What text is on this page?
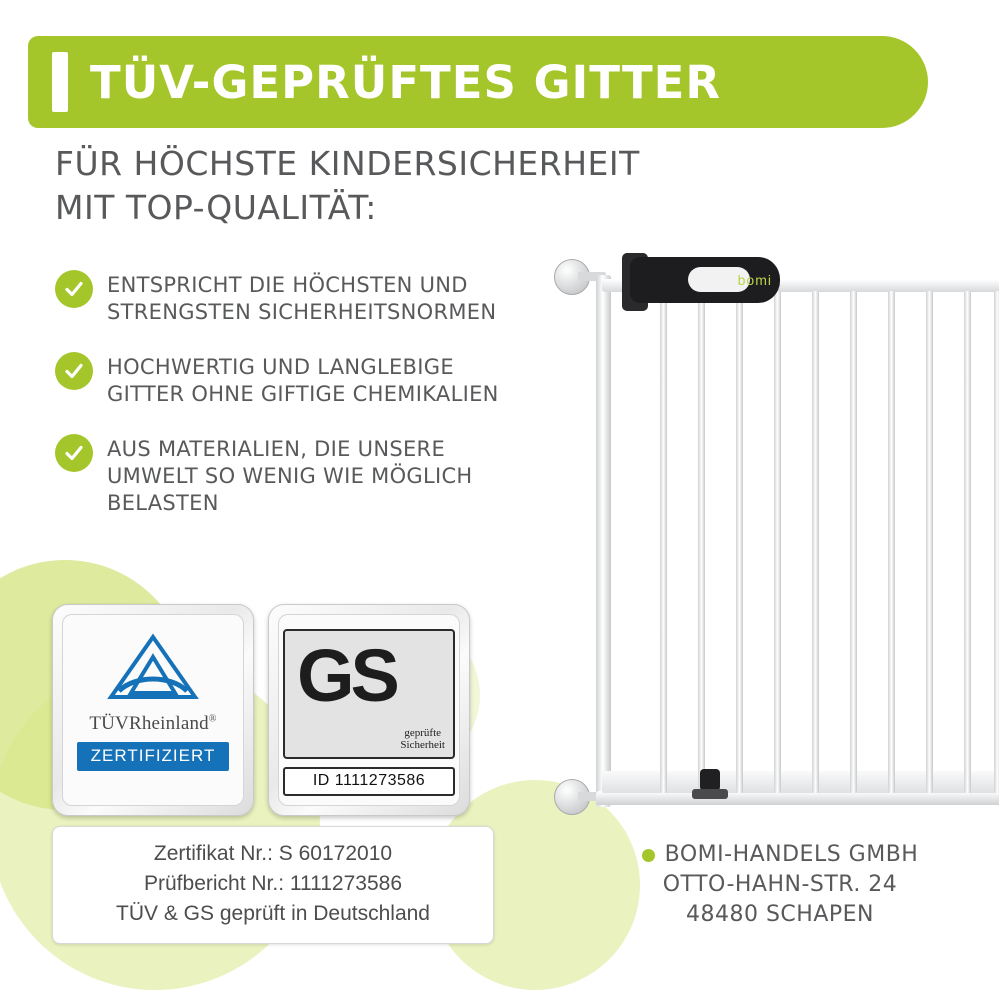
TÜV-GEPRÜFTES GITTER
FÜR HÖCHSTE KINDERSICHERHEIT
MIT TOP-QUALITÄT:
ENTSPRICHT DIE HÖCHSTEN UND STRENGSTEN SICHERHEITSNORMEN
HOCHWERTIG UND LANGLEBIGE GITTER OHNE GIFTIGE CHEMIKALIEN
AUS MATERIALIEN, DIE UNSERE UMWELT SO WENIG WIE MÖGLICH BELASTEN
TÜVRheinland®
ZERTIFIZIERT
GS
geprüfte
Sicherheit
ID 1111273586
Zertifikat Nr.: S 60172010
Prüfbericht Nr.: 1111273586
TÜV & GS geprüft in Deutschland
bomi
BOMI-HANDELS GMBH
OTTO-HAHN-STR. 24
48480 SCHAPEN
